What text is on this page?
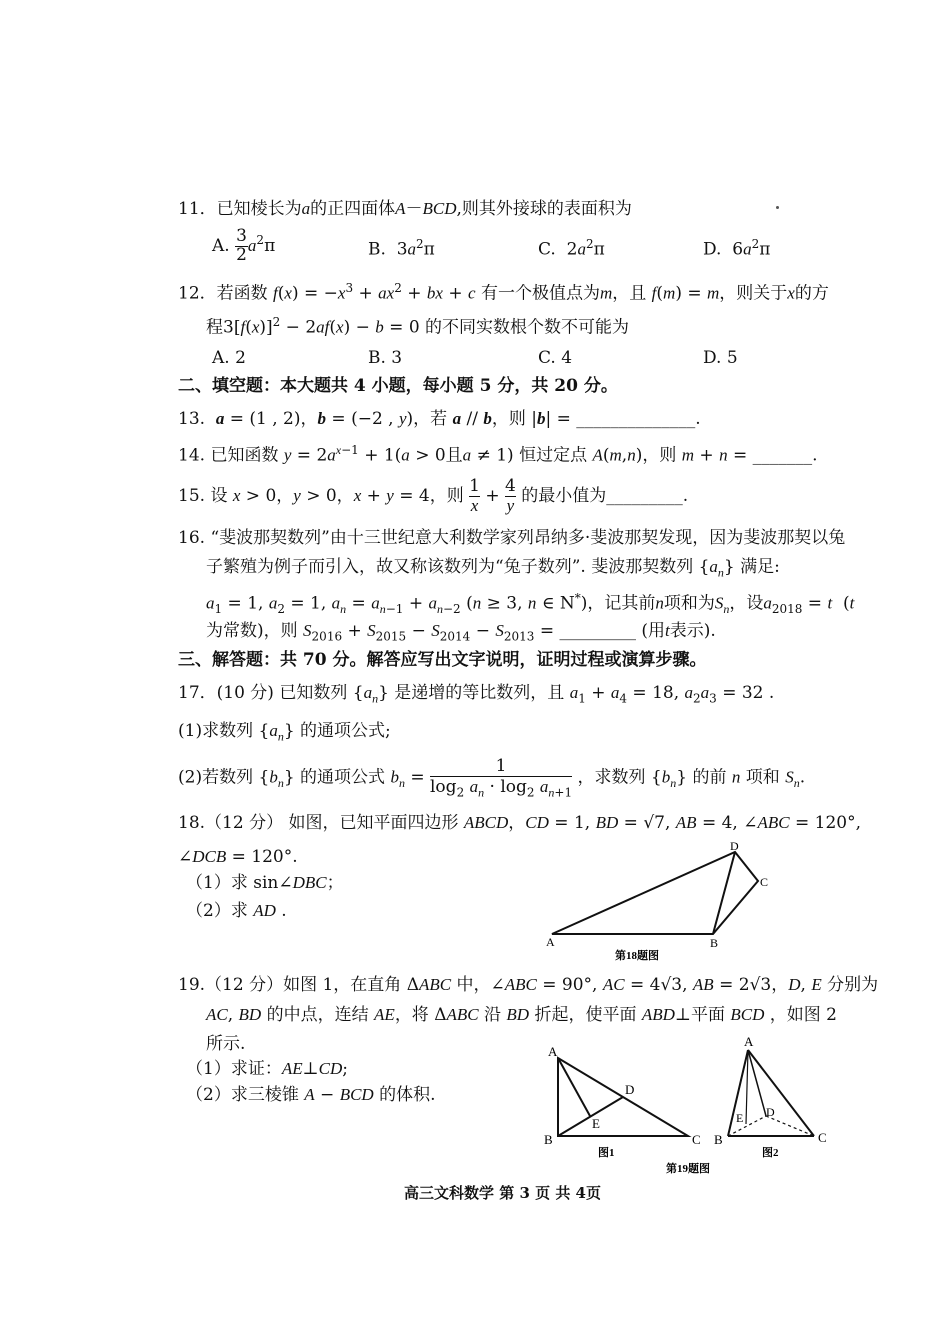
11．已知棱长为a的正四面体A－BCD,则其外接球的表面积为
A. $\frac{3}{2} a^2\pi$	B.  $3a^2\pi$	C.  $2a^2\pi$	D.  $6a^2\pi$
12．若函数 $f(x) = -x^3 + ax^2$ + bx + c 有一个极值点为m，且 f(m) = m，则关于x的方
程$3[f(x)]^2 - 2af(x) - b = 0$ 的不同实数根个数不可能为
A. 2	B. 3	C. 4	D. 5
二、填空题：本大题共 4 小题，每小题 5 分，共 20 分。
13.  a = (1 , 2)，b = (−2 , y)，若 a // b，则 |b| = ______________.
14. 已知函数 $y = 2a^{x-1} + 1(a > 0$且a ≠ 1) 恒过定点 A(m,n)，则 m + n = _______.
15. 设 x > 0，y > 0，x + y = 4，则 $\frac{1}{x} + \frac{4}{y}$ 的最小值为_________.
16. “斐波那契数列”由十三世纪意大利数学家列昂纳多·斐波那契发现，因为斐波那契以兔
子繁殖为例子而引入，故又称该数列为“兔子数列”. 斐波那契数列 $\{a_n\}$ 满足:
$a_1 = 1$, $a_2 = 1$, $a_n = a_{n-1} + a_{n-2}$ (n ≥ 3, n ∈ N*)，记其前n项和为$S_n$，设$a_{2018} = t$  (t
为常数)，则 $S_{2016} + S_{2015} - S_{2014} - S_{2013}$ = _________ (用t表示).
三、解答题：共 70 分。解答应写出文字说明，证明过程或演算步骤。
17．(10 分) 已知数列 $\{a_n\}$ 是递增的等比数列，且 $a_1 + a_4 = 18$, $a_2a_3 = 32$ .
(1)求数列 $\{a_n\}$ 的通项公式;
(2)若数列 $\{b_n\}$ 的通项公式 $b_n = \frac{1}{\log_2 a_n \cdot \log_2 a_{n+1}}$ ，求数列 $\{b_n\}$ 的前 n 项和 $S_n$.
18.（12 分） 如图，已知平面四边形 ABCD，CD = 1, BD = √7, AB = 4, ∠ABC = 120°,
∠DCB = 120°.
（1）求 sin∠DBC；
（2）求 AD .
A	B
C
D
第18题图
19.（12 分）如图 1，在直角 ΔABC 中，∠ABC = 90°, AC = 4√3, AB = 2√3，D, E 分别为
AC, BD 的中点，连结 AE，将 ΔABC 沿 BD 折起，使平面 ABD⊥平面 BCD ，如图 2
所示.
（1）求证：AE⊥CD;
（2）求三棱锥 A − BCD 的体积.
A
B	C
D
E
图1
A
B	C
D
E
图2
第19题图
高三文科数学 第 3 页 共 4页
